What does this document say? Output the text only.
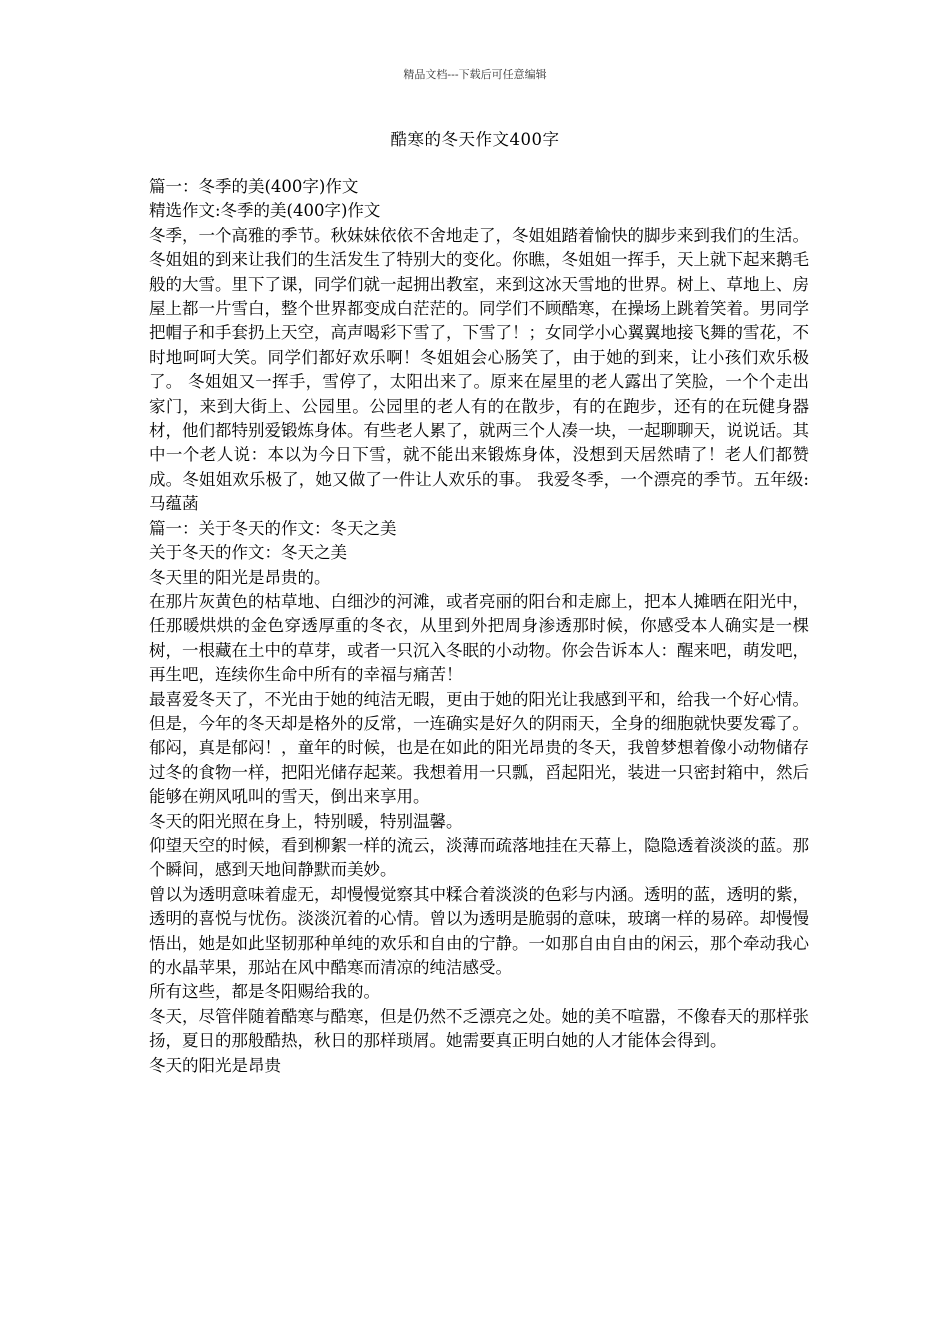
精品文档---下载后可任意编辑
酷寒的冬天作文400字

篇一：冬季的美(400字)作文

精选作文:冬季的美(400字)作文

冬季，一个高雅的季节。秋妹妹依依不舍地走了，冬姐姐踏着愉快的脚步来到我们的生活。 冬姐姐的到来让我们的生活发生了特别大的变化。你瞧，冬姐姐一挥手，天上就下起来鹅毛般的大雪。里下了课，同学们就一起拥出教室，来到这冰天雪地的世界。树上、草地上、房屋上都一片雪白，整个世界都变成白茫茫的。同学们不顾酷寒，在操场上跳着笑着。男同学把帽子和手套扔上天空，高声喝彩下雪了，下雪了！；女同学小心翼翼地接飞舞的雪花，不时地呵呵大笑。同学们都好欢乐啊！冬姐姐会心肠笑了，由于她的到来，让小孩们欢乐极了。 冬姐姐又一挥手，雪停了，太阳出来了。原来在屋里的老人露出了笑脸，一个个走出家门，来到大街上、公园里。公园里的老人有的在散步，有的在跑步，还有的在玩健身器材，他们都特别爱锻炼身体。有些老人累了，就两三个人凑一块，一起聊聊天，说说话。其中一个老人说：本以为今日下雪，就不能出来锻炼身体，没想到天居然晴了！老人们都赞成。冬姐姐欢乐极了，她又做了一件让人欢乐的事。 我爱冬季，一个漂亮的季节。五年级:马蕴菡

篇一：关于冬天的作文：冬天之美

关于冬天的作文：冬天之美

冬天里的阳光是昂贵的。

在那片灰黄色的枯草地、白细沙的河滩，或者亮丽的阳台和走廊上，把本人摊晒在阳光中，任那暖烘烘的金色穿透厚重的冬衣，从里到外把周身渗透那时候，你感受本人确实是一棵树，一根藏在土中的草芽，或者一只沉入冬眠的小动物。你会告诉本人：醒来吧，萌发吧，再生吧，连续你生命中所有的幸福与痛苦！

最喜爱冬天了，不光由于她的纯洁无暇，更由于她的阳光让我感到平和，给我一个好心情。但是，今年的冬天却是格外的反常，一连确实是好久的阴雨天，全身的细胞就快要发霉了。郁闷，真是郁闷！，童年的时候，也是在如此的阳光昂贵的冬天，我曾梦想着像小动物储存过冬的食物一样，把阳光储存起莱。我想着用一只瓢，舀起阳光，装进一只密封箱中，然后能够在朔风吼叫的雪天，倒出来享用。

冬天的阳光照在身上，特别暖，特别温馨。

仰望天空的时候，看到柳絮一样的流云，淡薄而疏落地挂在天幕上，隐隐透着淡淡的蓝。那个瞬间，感到天地间静默而美妙。

曾以为透明意味着虚无，却慢慢觉察其中糅合着淡淡的色彩与内涵。透明的蓝，透明的紫，透明的喜悦与忧伤。淡淡沉着的心情。曾以为透明是脆弱的意味，玻璃一样的易碎。却慢慢悟出，她是如此坚韧那种单纯的欢乐和自由的宁静。一如那自由自由的闲云，那个牵动我心的水晶苹果，那站在风中酷寒而清凉的纯洁感受。

所有这些，都是冬阳赐给我的。

冬天，尽管伴随着酷寒与酷寒，但是仍然不乏漂亮之处。她的美不喧嚣，不像春天的那样张扬，夏日的那般酷热，秋日的那样琐屑。她需要真正明白她的人才能体会得到。

冬天的阳光是昂贵
